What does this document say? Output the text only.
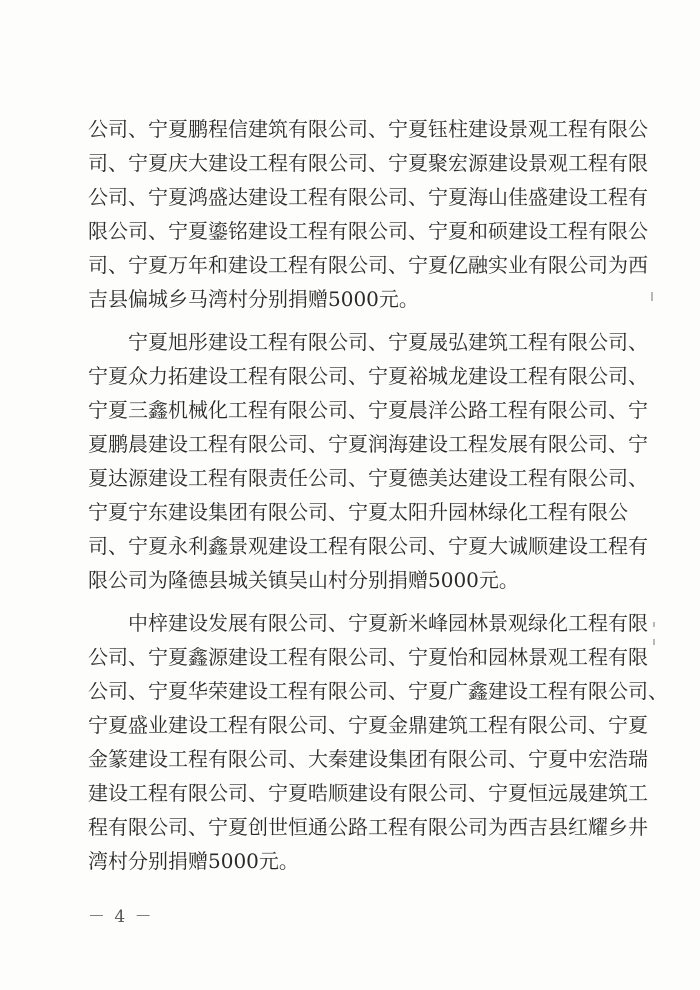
公司、宁夏鹏程信建筑有限公司、宁夏钰柱建设景观工程有限公
司、宁夏庆大建设工程有限公司、宁夏聚宏源建设景观工程有限
公司、宁夏鸿盛达建设工程有限公司、宁夏海山佳盛建设工程有
限公司、宁夏鎏铭建设工程有限公司、宁夏和硕建设工程有限公
司、宁夏万年和建设工程有限公司、宁夏亿融实业有限公司为西
吉县偏城乡马湾村分别捐赠5000元。
宁夏旭彤建设工程有限公司、宁夏晟弘建筑工程有限公司、
宁夏众力拓建设工程有限公司、宁夏裕城龙建设工程有限公司、
宁夏三鑫机械化工程有限公司、宁夏晨洋公路工程有限公司、宁
夏鹏晨建设工程有限公司、宁夏润海建设工程发展有限公司、宁
夏达源建设工程有限责任公司、宁夏德美达建设工程有限公司、
宁夏宁东建设集团有限公司、宁夏太阳升园林绿化工程有限公
司、宁夏永利鑫景观建设工程有限公司、宁夏大诚顺建设工程有
限公司为隆德县城关镇吴山村分别捐赠5000元。
中梓建设发展有限公司、宁夏新米峰园林景观绿化工程有限
公司、宁夏鑫源建设工程有限公司、宁夏怡和园林景观工程有限
公司、宁夏华荣建设工程有限公司、宁夏广鑫建设工程有限公司、
宁夏盛业建设工程有限公司、宁夏金鼎建筑工程有限公司、宁夏
金篆建设工程有限公司、大秦建设集团有限公司、宁夏中宏浩瑞
建设工程有限公司、宁夏晧顺建设有限公司、宁夏恒远晟建筑工
程有限公司、宁夏创世恒通公路工程有限公司为西吉县红耀乡井
湾村分别捐赠5000元。
－ 4 －
